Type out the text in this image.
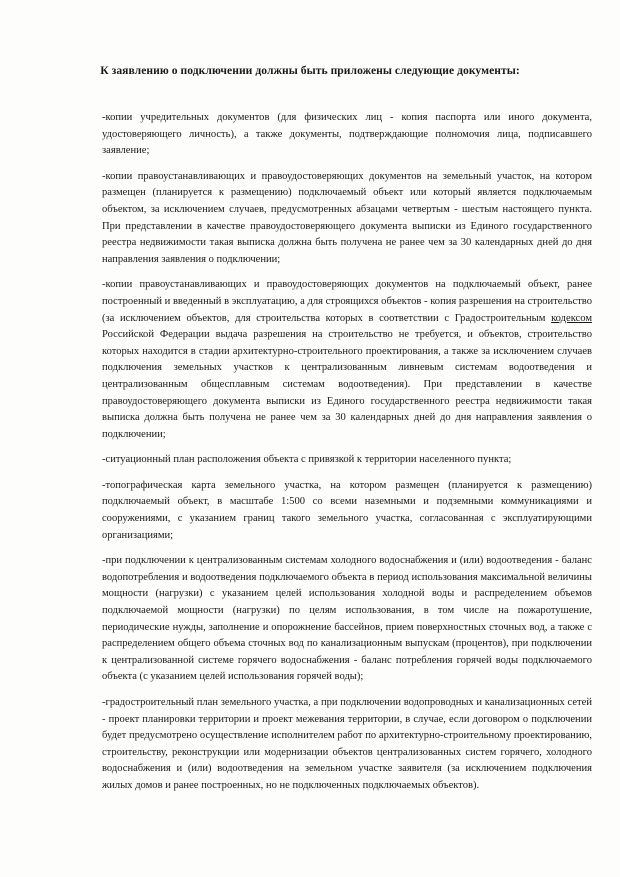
К заявлению о подключении должны быть приложены следующие документы:

-копии учредительных документов (для физических лиц - копия паспорта или иного документа, удостоверяющего личность), а также документы, подтверждающие полномочия лица, подписавшего заявление;

-копии правоустанавливающих и правоудостоверяющих документов на земельный участок, на котором размещен (планируется к размещению) подключаемый объект или который является подключаемым объектом, за исключением случаев, предусмотренных абзацами четвертым - шестым настоящего пункта. При представлении в качестве правоудостоверяющего документа выписки из Единого государственного реестра недвижимости такая выписка должна быть получена не ранее чем за 30 календарных дней до дня направления заявления о подключении;

-копии правоустанавливающих и правоудостоверяющих документов на подключаемый объект, ранее построенный и введенный в эксплуатацию, а для строящихся объектов - копия разрешения на строительство (за исключением объектов, для строительства которых в соответствии с Градостроительным кодексом Российской Федерации выдача разрешения на строительство не требуется, и объектов, строительство которых находится в стадии архитектурно-строительного проектирования, а также за исключением случаев подключения земельных участков к централизованным ливневым системам водоотведения и централизованным общесплавным системам водоотведения). При представлении в качестве правоудостоверяющего документа выписки из Единого государственного реестра недвижимости такая выписка должна быть получена не ранее чем за 30 календарных дней до дня направления заявления о подключении;

-ситуационный план расположения объекта с привязкой к территории населенного пункта;

-топографическая карта земельного участка, на котором размещен (планируется к размещению) подключаемый объект, в масштабе 1:500 со всеми наземными и подземными коммуникациями и сооружениями, с указанием границ такого земельного участка, согласованная с эксплуатирующими организациями;

-при подключении к централизованным системам холодного водоснабжения и (или) водоотведения - баланс водопотребления и водоотведения подключаемого объекта в период использования максимальной величины мощности (нагрузки) с указанием целей использования холодной воды и распределением объемов подключаемой мощности (нагрузки) по целям использования, в том числе на пожаротушение, периодические нужды, заполнение и опорожнение бассейнов, прием поверхностных сточных вод, а также с распределением общего объема сточных вод по канализационным выпускам (процентов), при подключении к централизованной системе горячего водоснабжения - баланс потребления горячей воды подключаемого объекта (с указанием целей использования горячей воды);

-градостроительный план земельного участка, а при подключении водопроводных и канализационных сетей - проект планировки территории и проект межевания территории, в случае, если договором о подключении будет предусмотрено осуществление исполнителем работ по архитектурно-строительному проектированию, строительству, реконструкции или модернизации объектов централизованных систем горячего, холодного водоснабжения и (или) водоотведения на земельном участке заявителя (за исключением подключения жилых домов и ранее построенных, но не подключенных подключаемых объектов).
